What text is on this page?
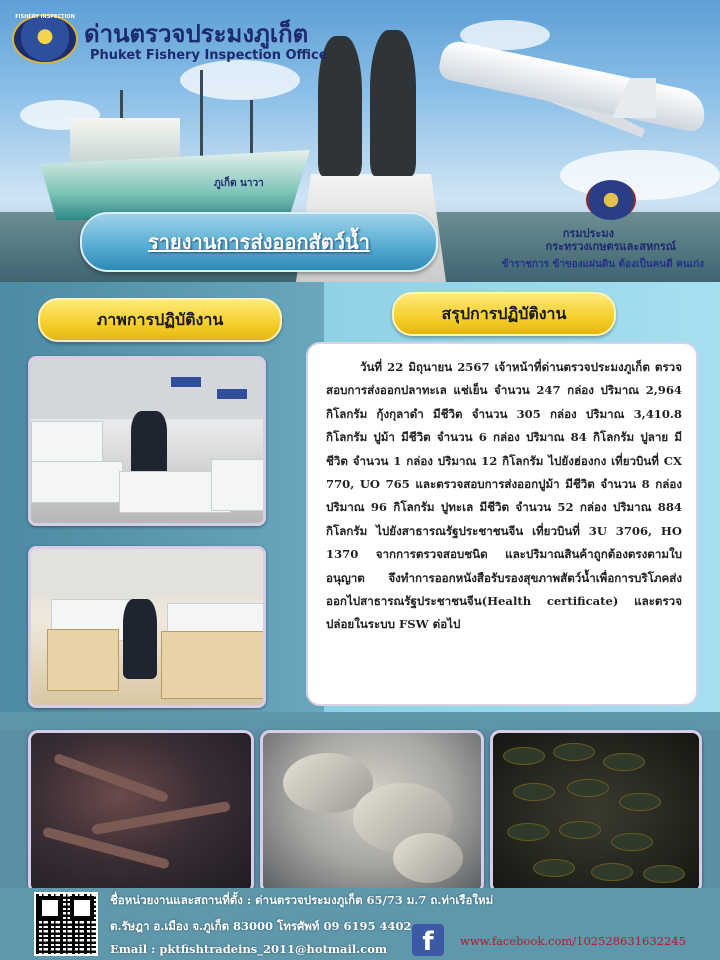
ภูเก็ต นาวา
FISHERY INSPECTION
ด่านตรวจประมงภูเก็ต
Phuket Fishery Inspection Office
กรมประมง
กระทรวงเกษตรและสหกรณ์
ข้าราชการ ข้าของแผ่นดิน ต้องเป็นคนดี คนเก่ง
รายงานการส่งออกสัตว์น้ำ
ภาพการปฏิบัติงาน	สรุปการปฏิบัติงาน

วันที่ 22 มิถุนายน 2567 เจ้าหน้าที่ด่านตรวจประมงภูเก็ต ตรวจสอบการส่งออกปลาทะเล แช่เย็น จำนวน 247 กล่อง ปริมาณ 2,964 กิโลกรัม กุ้งกุลาดำ มีชีวิต จำนวน 305 กล่อง ปริมาณ 3,410.8 กิโลกรัม ปูม้า มีชีวิต จำนวน 6 กล่อง ปริมาณ 84 กิโลกรัม ปูลาย มีชีวิต จำนวน 1 กล่อง ปริมาณ 12 กิโลกรัม ไปยังฮ่องกง เที่ยวบินที่ CX 770, UO 765 และตรวจสอบการส่งออกปูม้า มีชีวิต จำนวน 8 กล่อง ปริมาณ 96 กิโลกรัม ปูทะเล มีชีวิต จำนวน 52 กล่อง ปริมาณ 884 กิโลกรัม ไปยังสาธารณรัฐประชาชนจีน เที่ยวบินที่ 3U 3706, HO 1370 จากการตรวจสอบชนิด และปริมาณสินค้าถูกต้องตรงตามใบอนุญาต จึงทำการออกหนังสือรับรองสุขภาพสัตว์น้ำเพื่อการบริโภคส่งออกไปสาธารณรัฐประชาชนจีน(Health certificate) และตรวจปล่อยในระบบ FSW ต่อไป

ชื่อหน่วยงานและสถานที่ตั้ง : ด่านตรวจประมงภูเก็ต 65/73 ม.7 ถ.ท่าเรือใหม่
ต.รัษฎา อ.เมือง จ.ภูเก็ต 83000 โทรศัพท์ 09 6195 4402
Email : pktfishtradeins_2011@hotmail.com	f	www.facebook.com/102528631632245
